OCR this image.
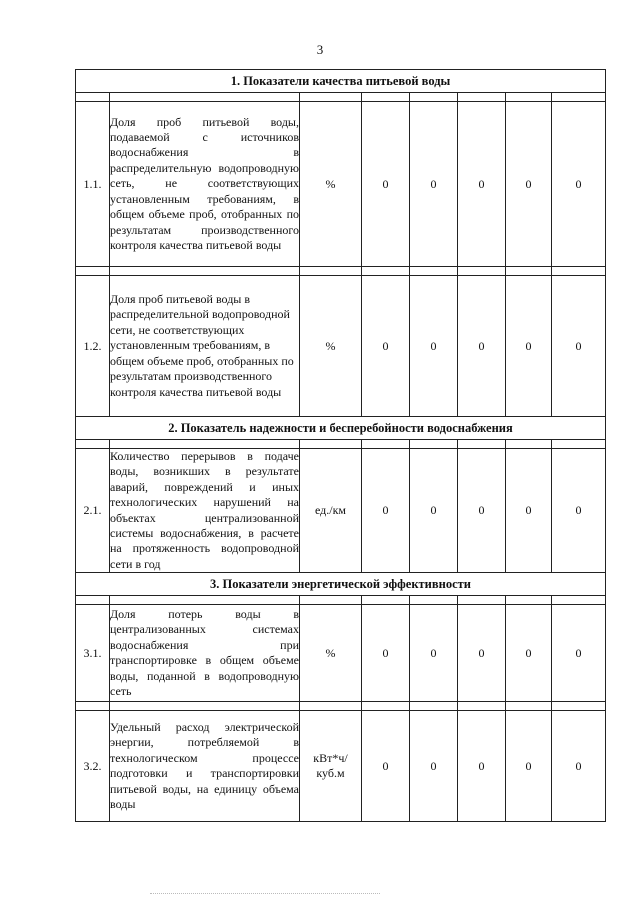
3
1. Показатели качества питьевой воды							

1.1.	Доля проб питьевой воды, подаваемой с источников водоснабжения в распределительную водопроводную сеть, не соответствующих установленным требованиям, в общем объеме проб, отобранных по результатам производственного контроля качества питьевой воды	%	0	0	0	0	0

1.2.	Доля проб питьевой воды в распределительной водопроводной сети, не соответствующих установленным требованиям, в общем объеме проб, отобранных по результатам производственного контроля качества питьевой воды	%	0	0	0	0	0
2. Показатель надежности и бесперебойности водоснабжения							

2.1.	Количество перерывов в подаче воды, возникших в результате аварий, повреждений и иных технологических нарушений на объектах централизованной системы водоснабжения, в расчете на протяженность водопроводной сети в год	ед./км	0	0	0	0	0
3. Показатели энергетической эффективности							

3.1.	Доля потерь воды в централизованных системах водоснабжения при транспортировке в общем объеме воды, поданной в водопроводную сеть	%	0	0	0	0	0

3.2.	Удельный расход электрической энергии, потребляемой в технологическом процессе подготовки и транспортировки питьевой воды, на единицу объема воды	кВт*ч/ куб.м	0	0	0	0	0
